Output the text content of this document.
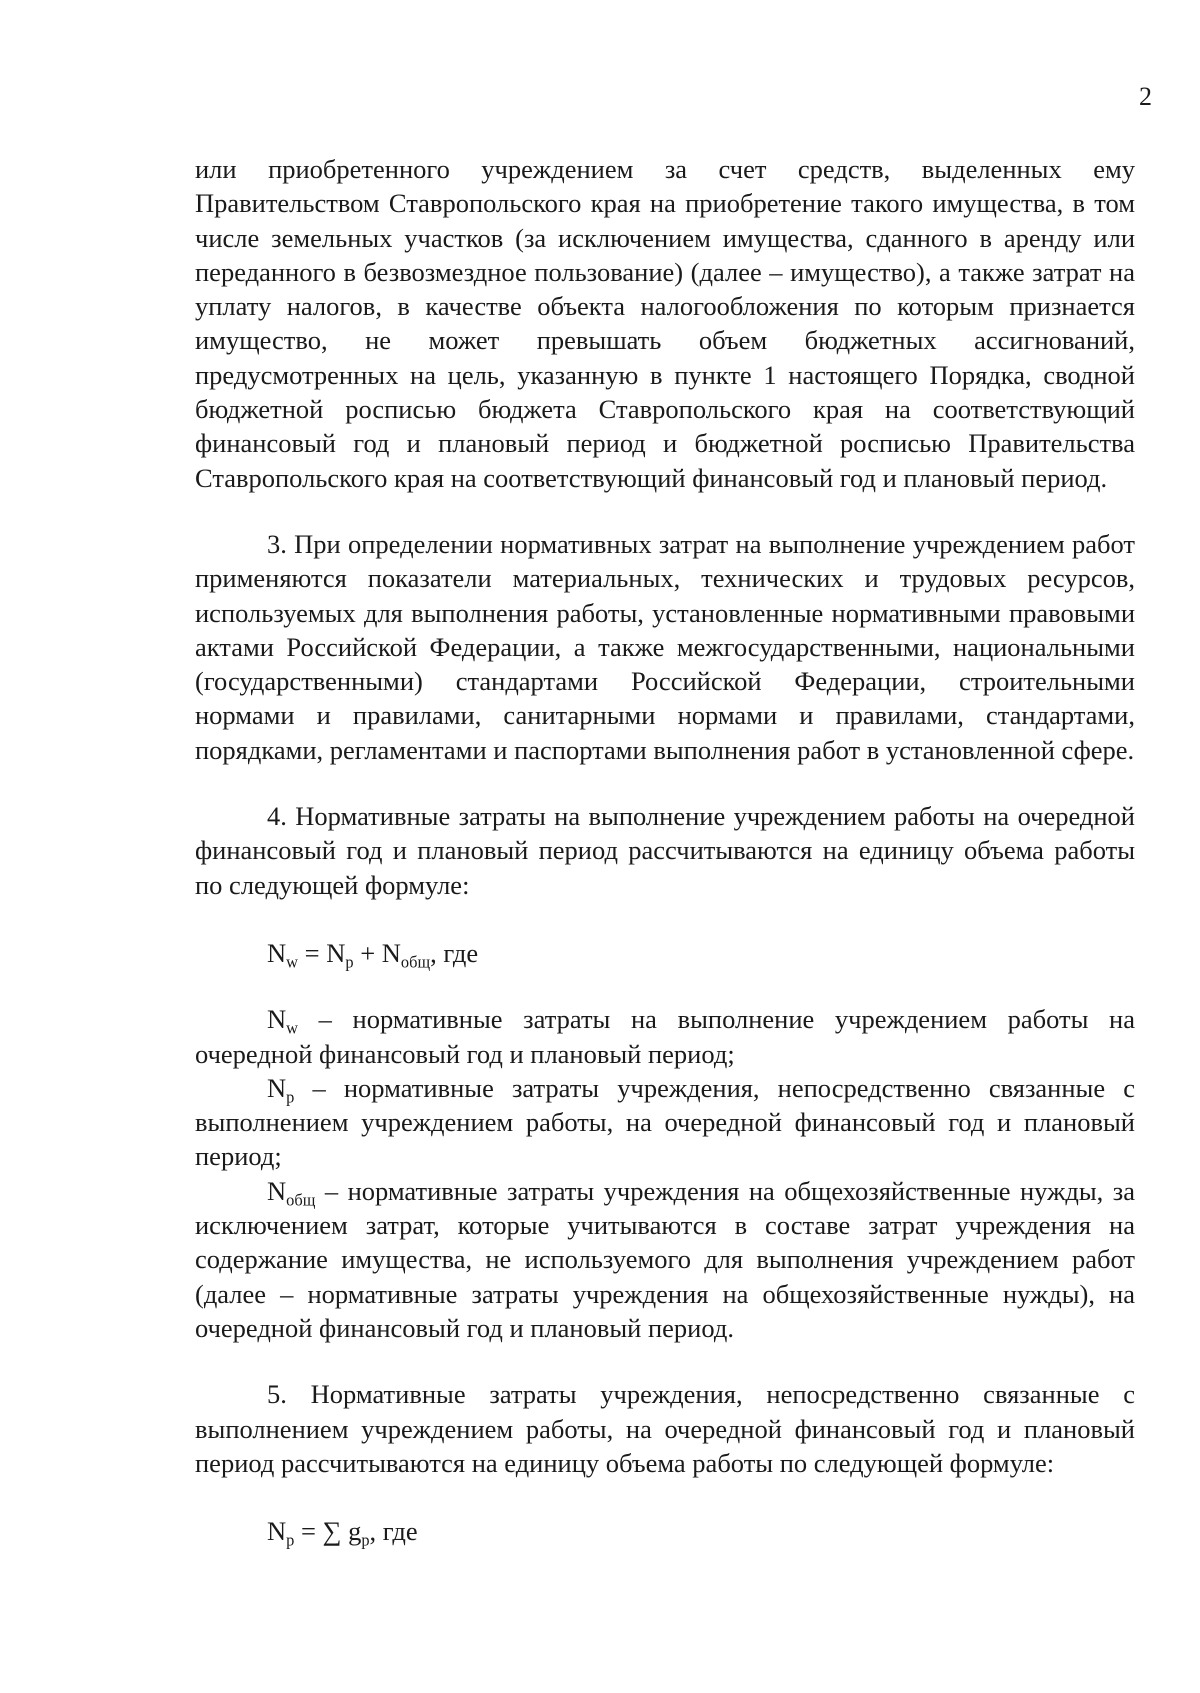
2

или приобретенного учреждением за счет средств, выделенных ему Правительством Ставропольского края на приобретение такого имущества, в том числе земельных участков (за исключением имущества, сданного в аренду или переданного в безвозмездное пользование) (далее – имущество), а также затрат на уплату налогов, в качестве объекта налогообложения по которым признается имущество, не может превышать объем бюджетных ассигнований, предусмотренных на цель, указанную в пункте 1 настоящего Порядка, сводной бюджетной росписью бюджета Ставропольского края на соответствующий финансовый год и плановый период и бюджетной росписью Правительства Ставропольского края на соответствующий финансовый год и плановый период.

3. При определении нормативных затрат на выполнение учреждением работ применяются показатели материальных, технических и трудовых ресурсов, используемых для выполнения работы, установленные нормативными правовыми актами Российской Федерации, а также межгосударственными, национальными (государственными) стандартами Российской Федерации, строительными нормами и правилами, санитарными нормами и правилами, стандартами, порядками, регламентами и паспортами выполнения работ в установленной сфере.

4. Нормативные затраты на выполнение учреждением работы на очередной финансовый год и плановый период рассчитываются на единицу объема работы по следующей формуле:

$N_w = N_p + N_{общ}$, где

$N_w$ – нормативные затраты на выполнение учреждением работы на очередной финансовый год и плановый период;

$N_p$ – нормативные затраты учреждения, непосредственно связанные с выполнением учреждением работы, на очередной финансовый год и плановый период;

$N_{общ}$ – нормативные затраты учреждения на общехозяйственные нужды, за исключением затрат, которые учитываются в составе затрат учреждения на содержание имущества, не используемого для выполнения учреждением работ (далее – нормативные затраты учреждения на общехозяйственные нужды), на очередной финансовый год и плановый период.

5. Нормативные затраты учреждения, непосредственно связанные с выполнением учреждением работы, на очередной финансовый год и плановый период рассчитываются на единицу объема работы по следующей формуле:

$N_p$ = ∑ $g_p$, где
